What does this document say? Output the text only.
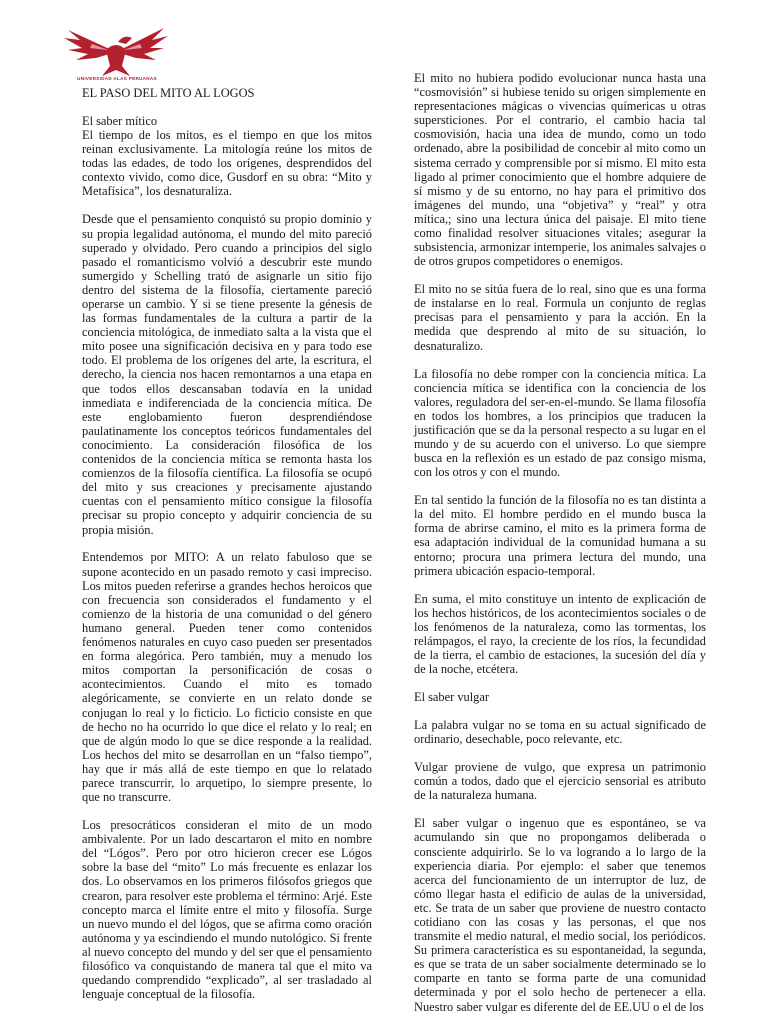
UNIVERSIDAD ALAS PERUANAS

EL PASO DEL MITO AL LOGOS

El saber mítico

El tiempo de los mitos, es el tiempo en que los mitos reinan exclusivamente. La mitología reúne los mitos de todas las edades, de todo los orígenes, desprendidos del contexto vivido, como dice, Gusdorf en su obra: “Mito y Metafísica”, los desnaturaliza.

Desde que el pensamiento conquistó su propio dominio y su propia legalidad autónoma, el mundo del mito pareció superado y olvidado. Pero cuando a principios del siglo pasado el romanticismo volvió a descubrir este mundo sumergido y Schelling trató de asignarle un sitio fijo dentro del sistema de la filosofía, ciertamente pareció operarse un cambio. Y si se tiene presente la génesis de las formas fundamentales de la cultura a partir de la conciencia mitológica, de inmediato salta a la vista que el mito posee una significación decisiva en y para todo ese todo. El problema de los orígenes del arte, la escritura, el derecho, la ciencia nos hacen remontarnos a una etapa en que todos ellos descansaban todavía en la unidad inmediata e indiferenciada de la conciencia mítica. De este englobamiento fueron desprendiéndose paulatinamente los conceptos teóricos fundamentales del conocimiento. La consideración filosófica de los contenidos de la conciencia mítica se remonta hasta los comienzos de la filosofía científica. La filosofía se ocupó del mito y sus creaciones y precisamente ajustando cuentas con el pensamiento mítico consigue la filosofía precisar su propio concepto y adquirir conciencia de su propia misión.

Entendemos por MITO: A un relato fabuloso que se supone acontecido en un pasado remoto y casi impreciso. Los mitos pueden referirse a grandes hechos heroicos que con frecuencia son considerados el fundamento y el comienzo de la historia de una comunidad o del género humano general. Pueden tener como contenidos fenómenos naturales en cuyo caso pueden ser presentados en forma alegórica. Pero también, muy a menudo los mitos comportan la personificación de cosas o acontecimientos. Cuando el mito es tomado alegóricamente, se convierte en un relato donde se conjugan lo real y lo ficticio. Lo ficticio consiste en que de hecho no ha ocurrido lo que dice el relato y lo real; en que de algún modo lo que se dice responde a la realidad. Los hechos del mito se desarrollan en un “falso tiempo”, hay que ir más allá de este tiempo en que lo relatado parece transcurrir, lo arquetipo, lo siempre presente, lo que no transcurre.

Los presocráticos consideran el mito de un modo ambivalente. Por un lado descartaron el mito en nombre del “Lógos”. Pero por otro hicieron crecer ese Lógos sobre la base del “mito” Lo más frecuente es enlazar los dos. Lo observamos en los primeros filósofos griegos que crearon, para resolver este problema el término: Arjé. Este concepto marca el límite entre el mito y filosofía. Surge un nuevo mundo el del lógos, que se afirma como oración autónoma y ya escindiendo el mundo nutológico. Si frente al nuevo concepto del mundo y del ser que el pensamiento filosófico va conquistando de manera tal que el mito va quedando comprendido “explicado”, al ser trasladado al lenguaje conceptual de la filosofía.

El mito no hubiera podido evolucionar nunca hasta una “cosmovisión” si hubiese tenido su origen simplemente en representaciones mágicas o vivencias químericas u otras supersticiones. Por el contrario, el cambio hacia tal cosmovisión, hacia una idea de mundo, como un todo ordenado, abre la posibilidad de concebir al mito como un sistema cerrado y comprensible por sí mismo. El mito esta ligado al primer conocimiento que el hombre adquiere de sí mismo y de su entorno, no hay para el primitivo dos imágenes del mundo, una “objetiva” y “real” y otra mítica,; sino una lectura única del paisaje. El mito tiene como finalidad resolver situaciones vitales; asegurar la subsistencia, armonizar intemperie, los animales salvajes o de otros grupos competidores o enemigos.

El mito no se sitúa fuera de lo real, sino que es una forma de instalarse en lo real. Formula un conjunto de reglas precisas para el pensamiento y para la acción. En la medida que desprendo al mito de su situación, lo desnaturalizo.

La filosofía no debe romper con la conciencia mítica. La conciencia mítica se identifica con la conciencia de los valores, reguladora del ser-en-el-mundo. Se llama filosofía en todos los hombres, a los principios que traducen la justificación que se da la personal respecto a su lugar en el mundo y de su acuerdo con el universo. Lo que siempre busca en la reflexión es un estado de paz consigo misma, con los otros y con el mundo.

En tal sentido la función de la filosofía no es tan distinta a la del mito. El hombre perdido en el mundo busca la forma de abrirse camino, el mito es la primera forma de esa adaptación individual de la comunidad humana a su entorno; procura una primera lectura del mundo, una primera ubicación espacio-temporal.

En suma, el mito constituye un intento de explicación de los hechos históricos, de los acontecimientos sociales o de los fenómenos de la naturaleza, como las tormentas, los relámpagos, el rayo, la creciente de los ríos, la fecundidad de la tierra, el cambio de estaciones, la sucesión del día y de la noche, etcétera.

El saber vulgar

La palabra vulgar no se toma en su actual significado de ordinario, desechable, poco relevante, etc.

Vulgar proviene de vulgo, que expresa un patrimonio común a todos, dado que el ejercicio sensorial es atributo de la naturaleza humana.

El saber vulgar o ingenuo que es espontáneo, se va acumulando sin que no propongamos deliberada o consciente adquirirlo. Se lo va logrando a lo largo de la experiencia diaria. Por ejemplo: el saber que tenemos acerca del funcionamiento de un interruptor de luz, de cómo llegar hasta el edificio de aulas de la universidad, etc. Se trata de un saber que proviene de nuestro contacto cotidiano con las cosas y las personas, el que nos transmite el medio natural, el medio social, los periódicos. Su primera característica es su espontaneidad, la segunda, es que se trata de un saber socialmente determinado se lo comparte en tanto se forma parte de una comunidad determinada y por el solo hecho de pertenecer a ella. Nuestro saber vulgar es diferente del de EE.UU o el de los
